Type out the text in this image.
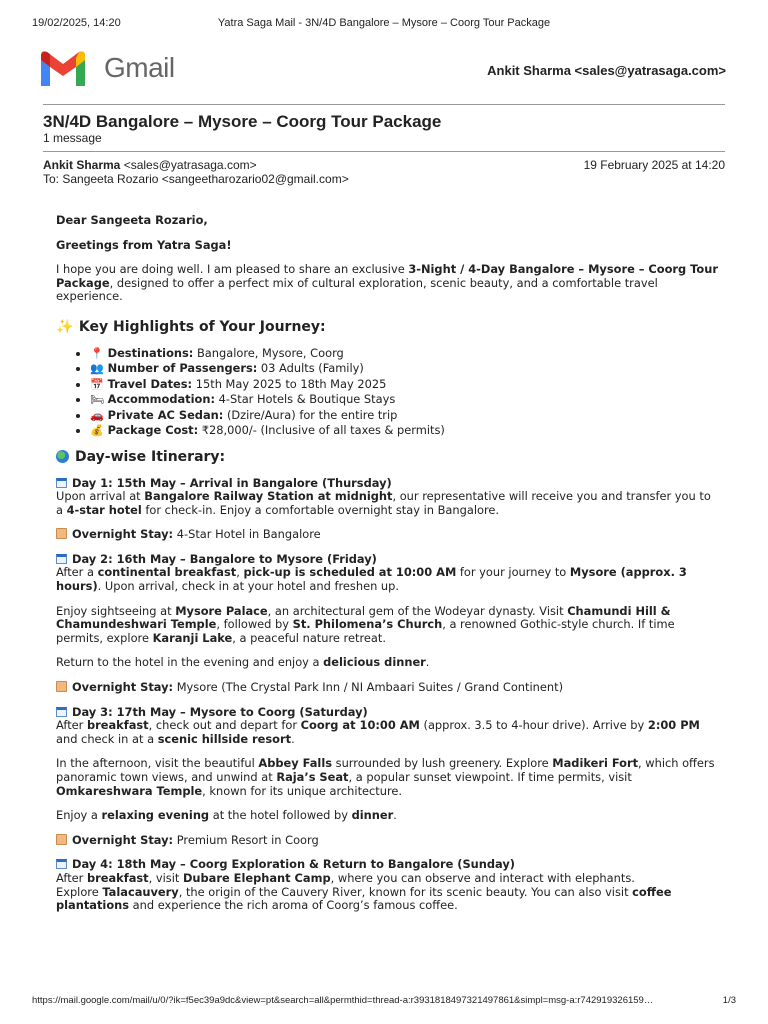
19/02/2025, 14:20	Yatra Saga Mail - 3N/4D Bangalore – Mysore – Coorg Tour Package
Gmail	Ankit Sharma <sales@yatrasaga.com>
3N/4D Bangalore – Mysore – Coorg Tour Package
1 message
Ankit Sharma <sales@yatrasaga.com>	19 February 2025 at 14:20
To: Sangeeta Rozario <sangeetharozario02@gmail.com>

Dear Sangeeta Rozario,

Greetings from Yatra Saga!

I hope you are doing well. I am pleased to share an exclusive 3-Night / 4-Day Bangalore – Mysore – Coorg Tour Package, designed to offer a perfect mix of cultural exploration, scenic beauty, and a comfortable travel experience.

✨ Key Highlights of Your Journey:
• 📍 Destinations: Bangalore, Mysore, Coorg
• 👥 Number of Passengers: 03 Adults (Family)
• 📅 Travel Dates: 15th May 2025 to 18th May 2025
• 🛏 Accommodation: 4-Star Hotels & Boutique Stays
• 🚗 Private AC Sedan: (Dzire/Aura) for the entire trip
• 💰 Package Cost: ₹28,000/- (Inclusive of all taxes & permits)
Day-wise Itinerary:

Day 1: 15th May – Arrival in Bangalore (Thursday)

Upon arrival at Bangalore Railway Station at midnight, our representative will receive you and transfer you to a 4-star hotel for check-in. Enjoy a comfortable overnight stay in Bangalore.

Overnight Stay: 4-Star Hotel in Bangalore

Day 2: 16th May – Bangalore to Mysore (Friday)

After a continental breakfast, pick-up is scheduled at 10:00 AM for your journey to Mysore (approx. 3 hours). Upon arrival, check in at your hotel and freshen up.

Enjoy sightseeing at Mysore Palace, an architectural gem of the Wodeyar dynasty. Visit Chamundi Hill & Chamundeshwari Temple, followed by St. Philomena’s Church, a renowned Gothic-style church. If time permits, explore Karanji Lake, a peaceful nature retreat.

Return to the hotel in the evening and enjoy a delicious dinner.

Overnight Stay: Mysore (The Crystal Park Inn / NI Ambaari Suites / Grand Continent)

Day 3: 17th May – Mysore to Coorg (Saturday)

After breakfast, check out and depart for Coorg at 10:00 AM (approx. 3.5 to 4-hour drive). Arrive by 2:00 PM and check in at a scenic hillside resort.

In the afternoon, visit the beautiful Abbey Falls surrounded by lush greenery. Explore Madikeri Fort, which offers panoramic town views, and unwind at Raja’s Seat, a popular sunset viewpoint. If time permits, visit Omkareshwara Temple, known for its unique architecture.

Enjoy a relaxing evening at the hotel followed by dinner.

Overnight Stay: Premium Resort in Coorg

Day 4: 18th May – Coorg Exploration & Return to Bangalore (Sunday)

After breakfast, visit Dubare Elephant Camp, where you can observe and interact with elephants.

Explore Talacauvery, the origin of the Cauvery River, known for its scenic beauty. You can also visit coffee plantations and experience the rich aroma of Coorg’s famous coffee.

https://mail.google.com/mail/u/0/?ik=f5ec39a9dc&view=pt&search=all&permthid=thread-a:r3931818497321497861&simpl=msg-a:r742919326159…	1/3
